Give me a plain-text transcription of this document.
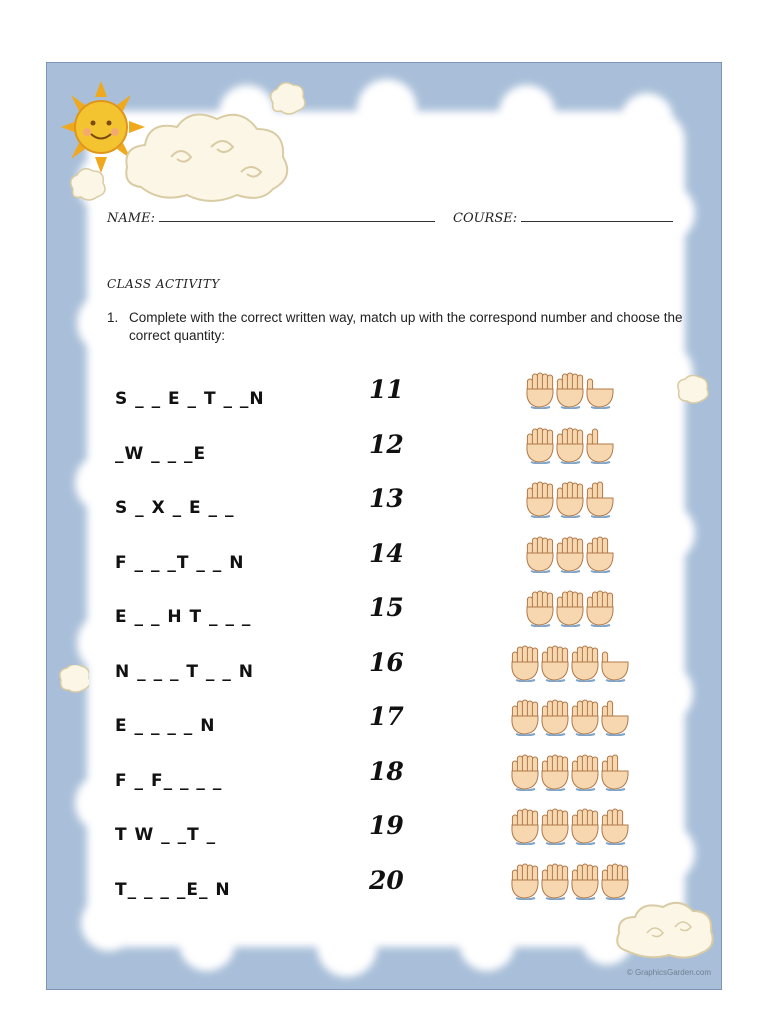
NAME:	COURSE:
CLASS ACTIVITY
1. Complete with the correct written way, match up with the correspond number and choose the correct quantity:
S _ _ E _ T _ _N	11
_W _ _ _E	12
S _ X _ E _ _	13
F _ _ _T _ _ N	14
E _ _ H T _ _ _	15
N _ _ _ T _ _ N	16
E _ _ _ _ N	17
F _ F_ _ _ _	18
T W _ _T _	19
T_ _ _ _E_ N	20
© GraphicsGarden.com
